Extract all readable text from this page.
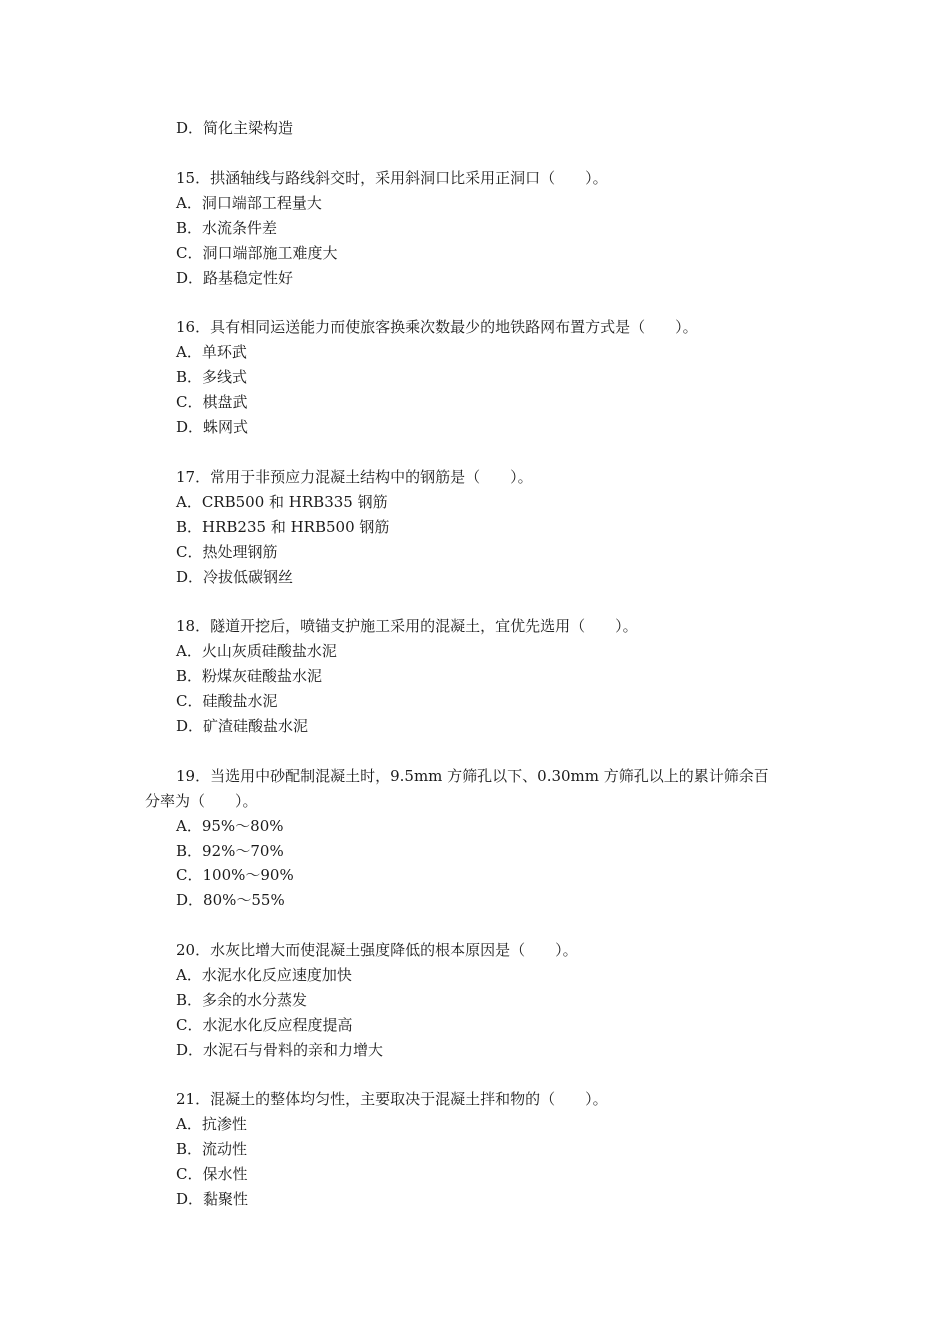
D．简化主梁构造
15．拱涵轴线与路线斜交时，采用斜洞口比采用正洞口（　　）。
A．洞口端部工程量大
B．水流条件差
C．洞口端部施工难度大
D．路基稳定性好
16．具有相同运送能力而使旅客换乘次数最少的地铁路网布置方式是（　　）。
A．单环武
B．多线式
C．棋盘武
D．蛛网式
17．常用于非预应力混凝土结构中的钢筋是（　　）。
A．CRB500 和 HRB335 钢筋
B．HRB235 和 HRB500 钢筋
C．热处理钢筋
D．冷拔低碳钢丝
18．隧道开挖后，喷锚支护施工采用的混凝土，宜优先选用（　　）。
A．火山灰质硅酸盐水泥
B．粉煤灰硅酸盐水泥
C．硅酸盐水泥
D．矿渣硅酸盐水泥
19．当选用中砂配制混凝土时，9.5mm 方筛孔以下、0.30mm 方筛孔以上的累计筛余百
分率为（　　）。
A．95%～80%
B．92%～70%
C．100%～90%
D．80%～55%
20．水灰比增大而使混凝土强度降低的根本原因是（　　）。
A．水泥水化反应速度加快
B．多余的水分蒸发
C．水泥水化反应程度提高
D．水泥石与骨料的亲和力增大
21．混凝土的整体均匀性，主要取决于混凝土拌和物的（　　）。
A．抗渗性
B．流动性
C．保水性
D．黏聚性
